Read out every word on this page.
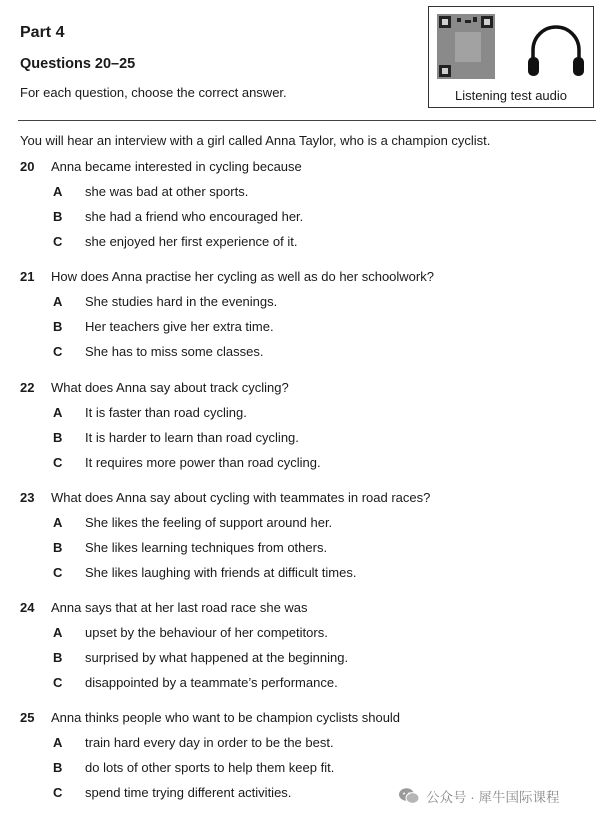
Part 4
Questions 20–25
For each question, choose the correct answer.	Listening test audio
You will hear an interview with a girl called Anna Taylor, who is a champion cyclist.
20 Anna became interested in cycling because
A she was bad at other sports.
B she had a friend who encouraged her.
C she enjoyed her first experience of it.
21 How does Anna practise her cycling as well as do her schoolwork?
A She studies hard in the evenings.
B Her teachers give her extra time.
C She has to miss some classes.
22 What does Anna say about track cycling?
A It is faster than road cycling.
B It is harder to learn than road cycling.
C It requires more power than road cycling.
23 What does Anna say about cycling with teammates in road races?
A She likes the feeling of support around her.
B She likes learning techniques from others.
C She likes laughing with friends at difficult times.
24 Anna says that at her last road race she was
A upset by the behaviour of her competitors.
B surprised by what happened at the beginning.
C disappointed by a teammate’s performance.
25 Anna thinks people who want to be champion cyclists should
A train hard every day in order to be the best.
B do lots of other sports to help them keep fit.
C spend time trying different activities.	公众号 · 犀牛国际课程
